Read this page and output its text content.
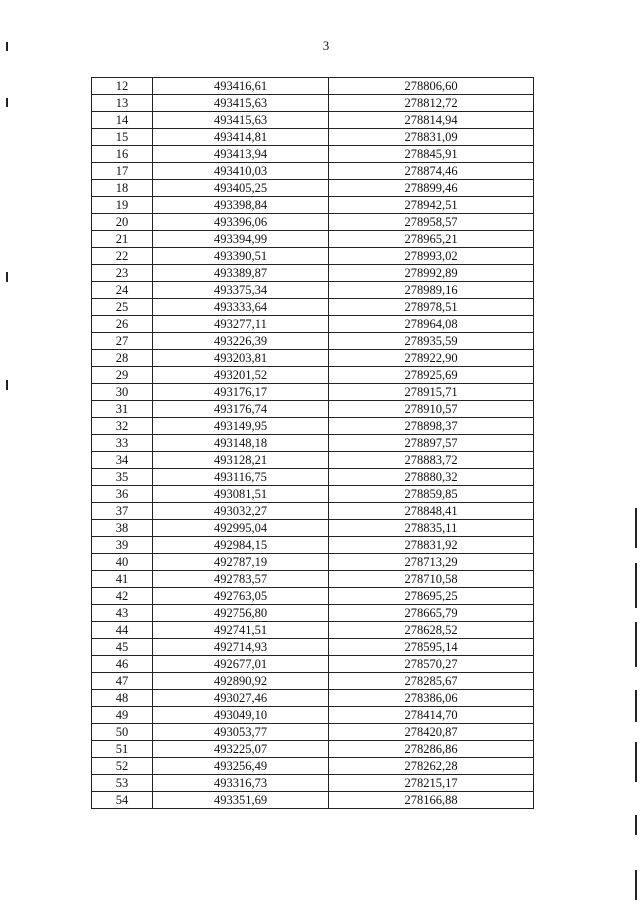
3
12	493416,61	278806,60
13	493415,63	278812,72
14	493415,63	278814,94
15	493414,81	278831,09
16	493413,94	278845,91
17	493410,03	278874,46
18	493405,25	278899,46
19	493398,84	278942,51
20	493396,06	278958,57
21	493394,99	278965,21
22	493390,51	278993,02
23	493389,87	278992,89
24	493375,34	278989,16
25	493333,64	278978,51
26	493277,11	278964,08
27	493226,39	278935,59
28	493203,81	278922,90
29	493201,52	278925,69
30	493176,17	278915,71
31	493176,74	278910,57
32	493149,95	278898,37
33	493148,18	278897,57
34	493128,21	278883,72
35	493116,75	278880,32
36	493081,51	278859,85
37	493032,27	278848,41
38	492995,04	278835,11
39	492984,15	278831,92
40	492787,19	278713,29
41	492783,57	278710,58
42	492763,05	278695,25
43	492756,80	278665,79
44	492741,51	278628,52
45	492714,93	278595,14
46	492677,01	278570,27
47	492890,92	278285,67
48	493027,46	278386,06
49	493049,10	278414,70
50	493053,77	278420,87
51	493225,07	278286,86
52	493256,49	278262,28
53	493316,73	278215,17
54	493351,69	278166,88
